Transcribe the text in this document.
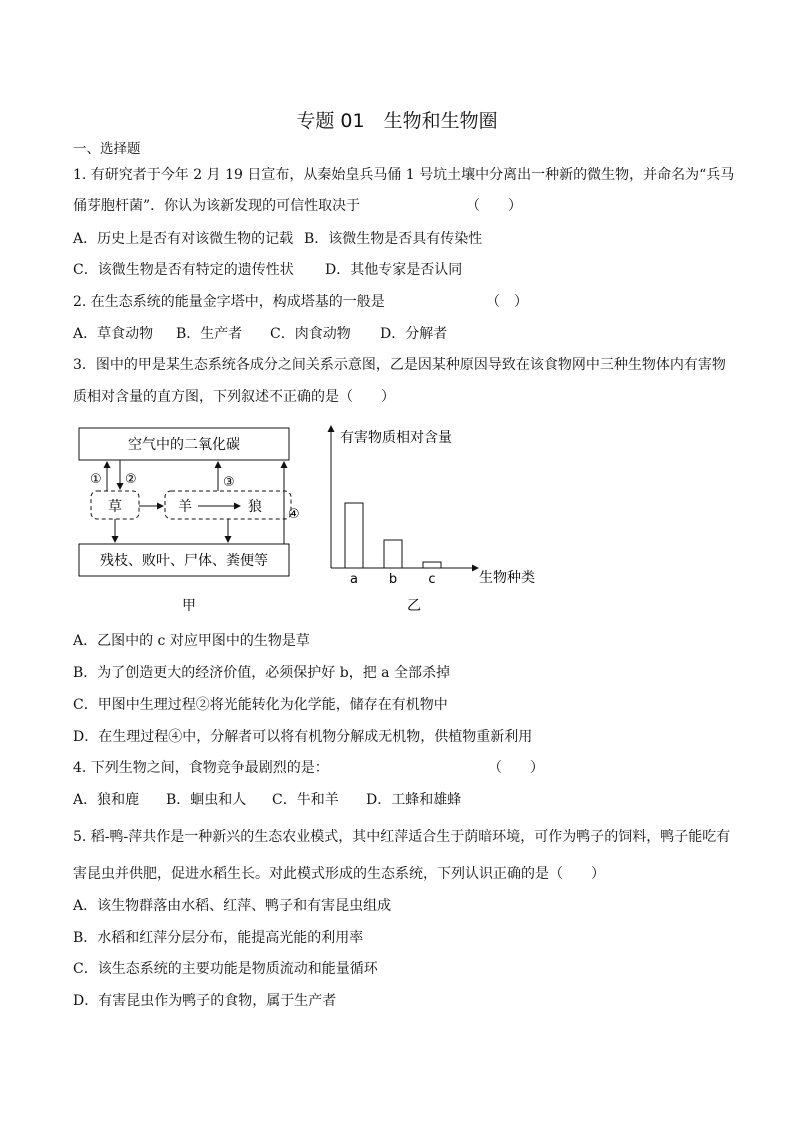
专题 01　生物和生物圈
一、选择题
1. 有研究者于今年 2 月 19 日宣布，从秦始皇兵马俑 1 号坑土壤中分离出一种新的微生物，并命名为“兵马
俑芽胞杆菌”．你认为该新发现的可信性取决于	（　　）
A．历史上是否有对该微生物的记载 B．该微生物是否具有传染性
C．该微生物是否有特定的遗传性状 D．其他专家是否认同
2. 在生态系统的能量金字塔中，构成塔基的一般是	（　）
A．草食动物 B．生产者 C．肉食动物 D．分解者
3．图中的甲是某生态系统各成分之间关系示意图，乙是因某种原因导致在该食物网中三种生物体内有害物
质相对含量的直方图，下列叙述不正确的是（　　）
空气中的二氧化碳
草	羊	狼
残枝、败叶、尸体、粪便等
① ②	③
④
甲
有害物质相对含量
生物种类
a b c
乙
A．乙图中的 c 对应甲图中的生物是草
B．为了创造更大的经济价值，必须保护好 b，把 a 全部杀掉
C．甲图中生理过程②将光能转化为化学能，储存在有机物中
D．在生理过程④中，分解者可以将有机物分解成无机物，供植物重新利用
4. 下列生物之间，食物竞争最剧烈的是：	（　　）
A．狼和鹿 B．蛔虫和人 C．牛和羊 D．工蜂和雄蜂
5. 稻-鸭-萍共作是一种新兴的生态农业模式，其中红萍适合生于荫暗环境，可作为鸭子的饲料，鸭子能吃有
害昆虫并供肥，促进水稻生长。对此模式形成的生态系统，下列认识正确的是（　　）
A．该生物群落由水稻、红萍、鸭子和有害昆虫组成
B．水稻和红萍分层分布，能提高光能的利用率
C．该生态系统的主要功能是物质流动和能量循环
D．有害昆虫作为鸭子的食物，属于生产者
